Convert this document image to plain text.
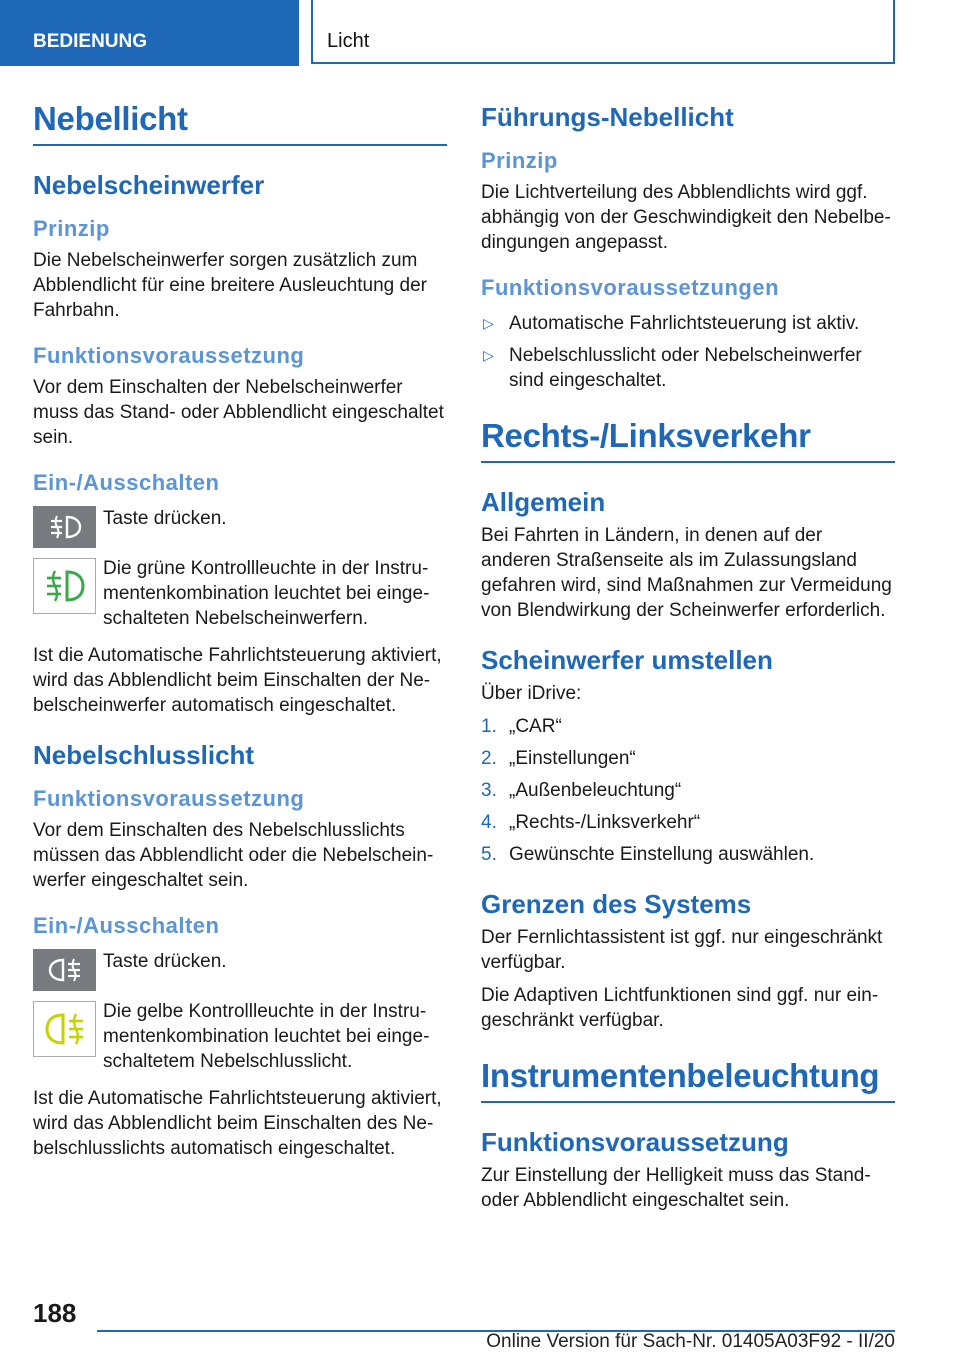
BEDIENUNG	Licht
Nebellicht
Nebelscheinwerfer
Prinzip

Die Nebelscheinwerfer sorgen zusätzlich zum Abblendlicht für eine breitere Ausleuchtung der Fahrbahn.

Funktionsvoraussetzung

Vor dem Einschalten der Nebelscheinwerfer muss das Stand- oder Abblendlicht eingeschaltet sein.

Ein-/Ausschalten
Taste drücken.
Die grüne Kontrollleuchte in der Instrumentenkombination leuchtet bei eingeschalteten Nebelscheinwerfern.

Ist die Automatische Fahrlichtsteuerung aktiviert, wird das Abblendlicht beim Einschalten der Nebelscheinwerfer automatisch eingeschaltet.

Nebelschlusslicht
Funktionsvoraussetzung

Vor dem Einschalten des Nebelschlusslichts müssen das Abblendlicht oder die Nebelscheinwerfer eingeschaltet sein.

Ein-/Ausschalten
Taste drücken.
Die gelbe Kontrollleuchte in der Instrumentenkombination leuchtet bei eingeschaltetem Nebelschlusslicht.

Ist die Automatische Fahrlichtsteuerung aktiviert, wird das Abblendlicht beim Einschalten des Nebelschlusslichts automatisch eingeschaltet.

Führungs-Nebellicht
Prinzip

Die Lichtverteilung des Abblendlichts wird ggf. abhängig von der Geschwindigkeit den Nebelbedingungen angepasst.

Funktionsvoraussetzungen
▷ Automatische Fahrlichtsteuerung ist aktiv.
▷ Nebelschlusslicht oder Nebelscheinwerfer sind eingeschaltet.
Rechts-/Linksverkehr
Allgemein

Bei Fahrten in Ländern, in denen auf der anderen Straßenseite als im Zulassungsland gefahren wird, sind Maßnahmen zur Vermeidung von Blendwirkung der Scheinwerfer erforderlich.

Scheinwerfer umstellen

Über iDrive:

1. „CAR“
2. „Einstellungen“
3. „Außenbeleuchtung“
4. „Rechts-/Linksverkehr“
5. Gewünschte Einstellung auswählen.
Grenzen des Systems

Der Fernlichtassistent ist ggf. nur eingeschränkt verfügbar.

Die Adaptiven Lichtfunktionen sind ggf. nur eingeschränkt verfügbar.

Instrumentenbeleuchtung
Funktionsvoraussetzung

Zur Einstellung der Helligkeit muss das Stand- oder Abblendlicht eingeschaltet sein.

188
Online Version für Sach-Nr. 01405A03F92 - II/20
